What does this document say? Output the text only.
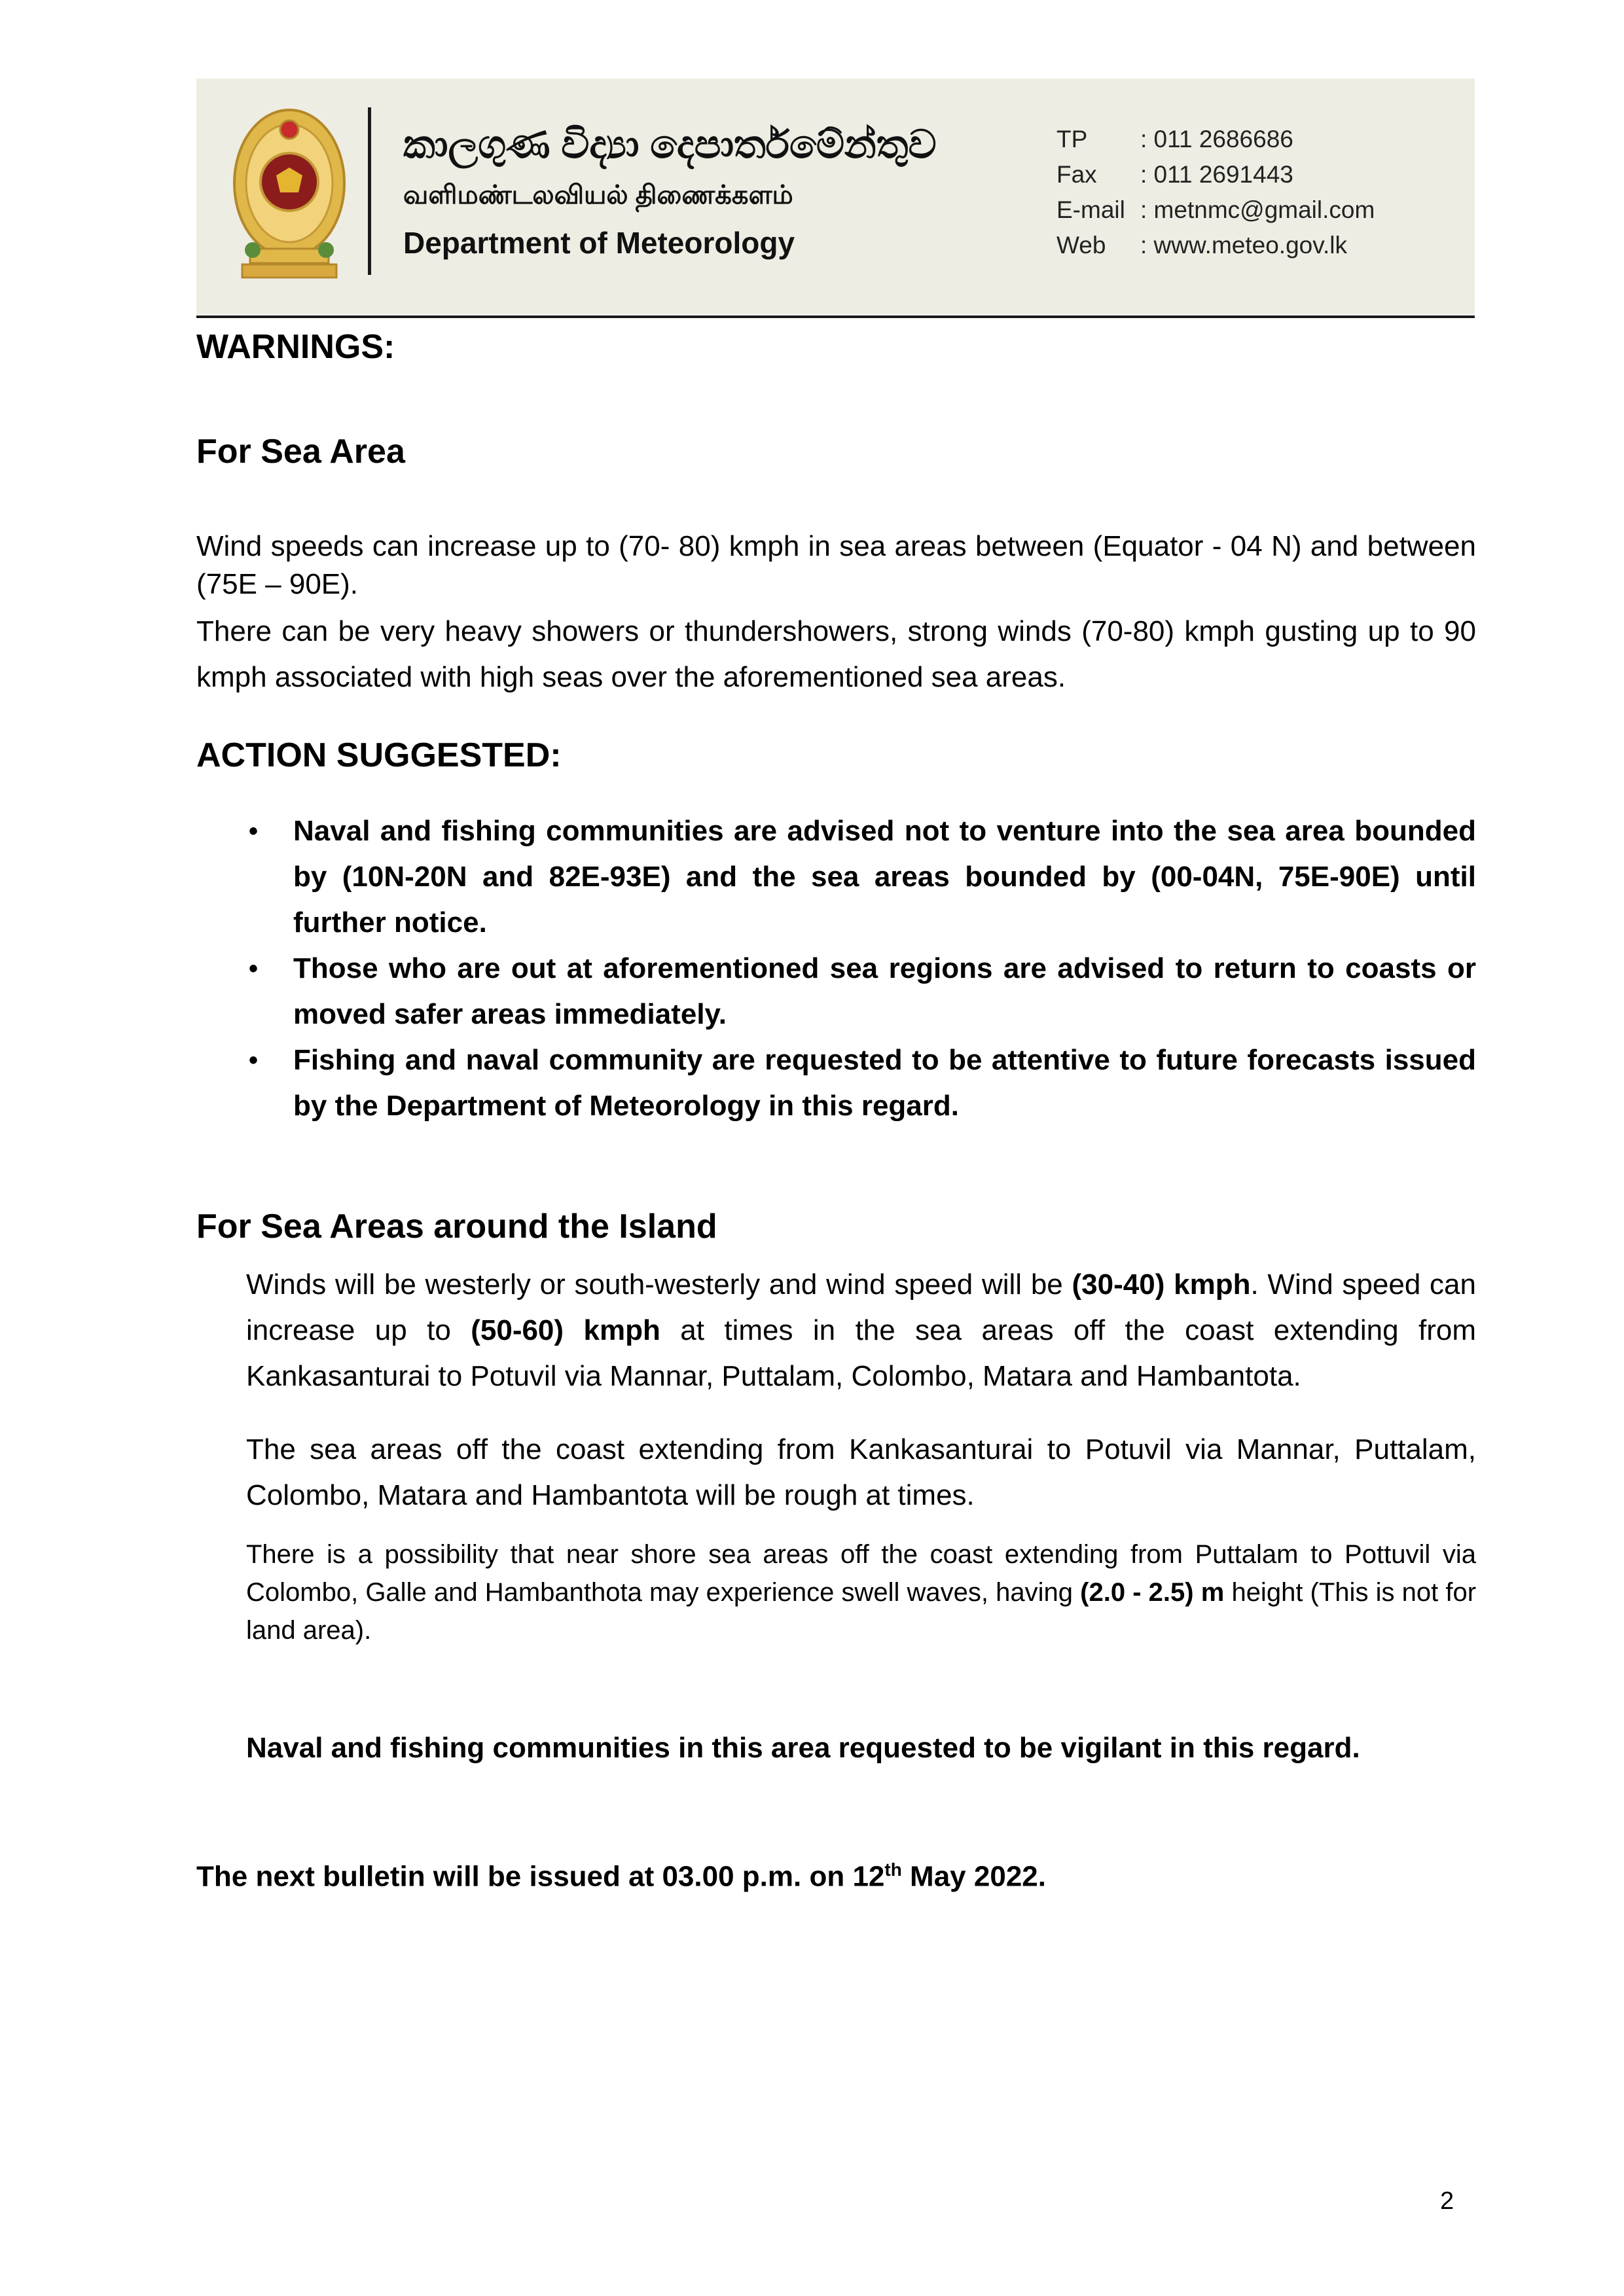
කාලගුණ විද්‍යා දෙපාර්තමේන්තුව
வளிமண்டலவியல் திணைக்களம்
Department of Meteorology
TP : 011 2686686
Fax : 011 2691443
E-mail : metnmc@gmail.com
Web : www.meteo.gov.lk
WARNINGS:
For Sea Area
Wind speeds can increase up to (70- 80) kmph in sea areas between (Equator - 04 N) and between (75E – 90E).
There can be very heavy showers or thundershowers, strong winds (70-80) kmph gusting up to 90 kmph associated with high seas over the aforementioned sea areas.
ACTION SUGGESTED:
• Naval and fishing communities are advised not to venture into the sea area bounded by (10N-20N and 82E-93E) and the sea areas bounded by (00-04N, 75E-90E) until further notice.
• Those who are out at aforementioned sea regions are advised to return to coasts or moved safer areas immediately.
• Fishing and naval community are requested to be attentive to future forecasts issued by the Department of Meteorology in this regard.
For Sea Areas around the Island
Winds will be westerly or south-westerly and wind speed will be (30-40) kmph. Wind speed can increase up to (50-60) kmph at times in the sea areas off the coast extending from Kankasanturai to Potuvil via Mannar, Puttalam, Colombo, Matara and Hambantota.
The sea areas off the coast extending from Kankasanturai to Potuvil via Mannar, Puttalam, Colombo, Matara and Hambantota will be rough at times.
There is a possibility that near shore sea areas off the coast extending from Puttalam to Pottuvil via Colombo, Galle and Hambanthota may experience swell waves, having (2.0 - 2.5) m height (This is not for land area).
Naval and fishing communities in this area requested to be vigilant in this regard.
The next bulletin will be issued at 03.00 p.m. on 12th May 2022.
2
